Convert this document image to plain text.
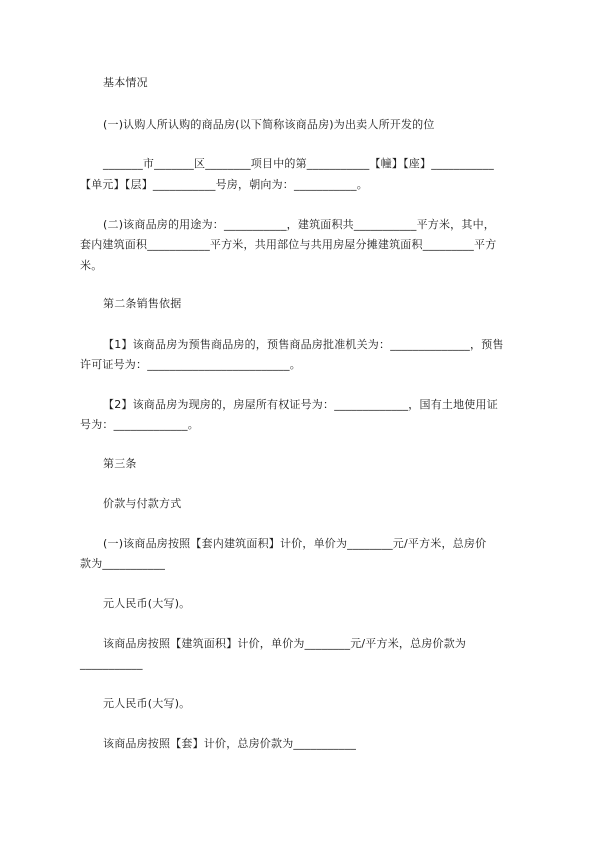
基本情况
(一)认购人所认购的商品房(以下简称该商品房)为出卖人所开发的位
_______市_______区________项目中的第___________【幢】【座】___________
【单元】【层】___________号房，朝向为：___________。
(二)该商品房的用途为：___________，建筑面积共___________平方米，其中，
套内建筑面积___________平方米，共用部位与共用房屋分摊建筑面积_________平方
米。
第二条销售依据
【1】该商品房为预售商品房的，预售商品房批准机关为：______________，预售
许可证号为：_________________________。
【2】该商品房为现房的，房屋所有权证号为：_____________，国有土地使用证
号为：_____________。
第三条
价款与付款方式
(一)该商品房按照【套内建筑面积】计价，单价为________元/平方米，总房价
款为___________
元人民币(大写)。
该商品房按照【建筑面积】计价，单价为________元/平方米，总房价款为
___________
元人民币(大写)。
该商品房按照【套】计价，总房价款为___________
